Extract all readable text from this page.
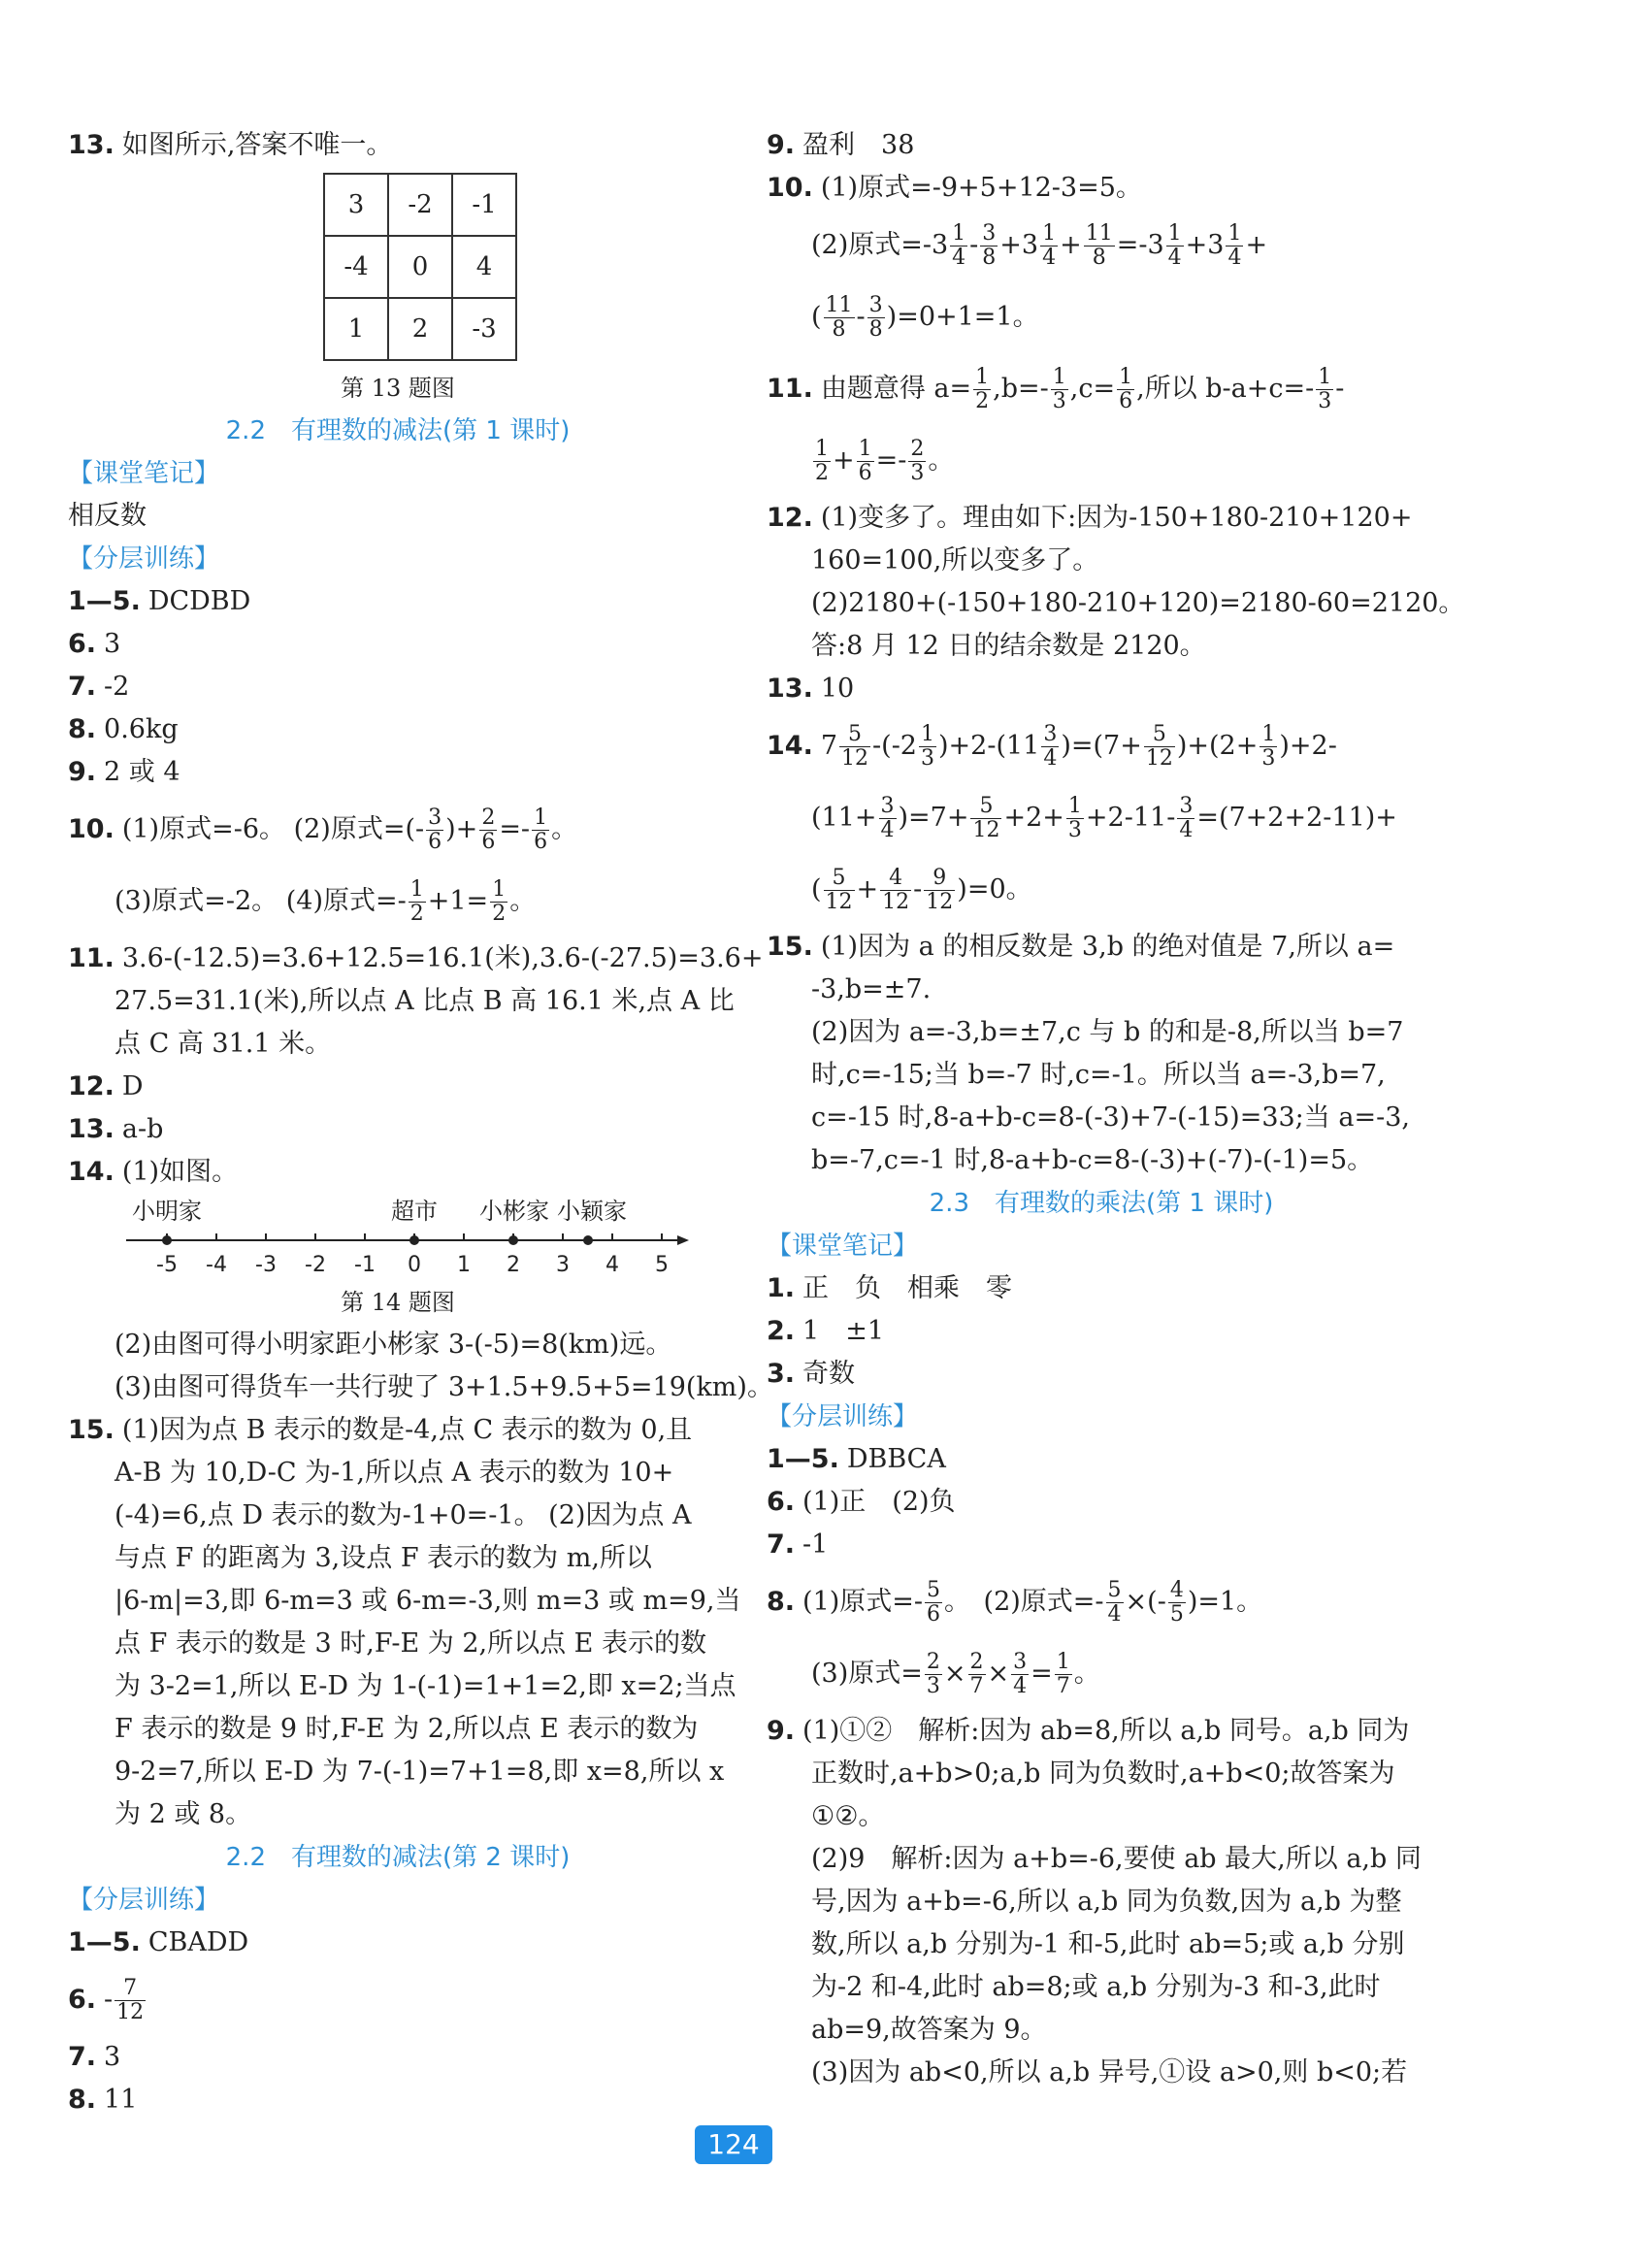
13. 如图所示,答案不唯一。
3	-2	-1
-4	0	4
1	2	-3
第 13 题图
2.2　有理数的减法(第 1 课时)
【课堂笔记】
相反数
【分层训练】
1—5. DCDBD
6. 3
7. -2
8. 0.6kg
9. 2 或 4
10. (1)原式=-6。 (2)原式=(- $\frac{3}{6}$ )+ $\frac{2}{6} =- \frac{1}{6}$ 。
(3)原式=-2。 (4)原式=- $\frac{1}{2} +1= \frac{1}{2}$ 。
11. 3.6-(-12.5)=3.6+12.5=16.1(米),3.6-(-27.5)=3.6+
27.5=31.1(米),所以点 A 比点 B 高 16.1 米,点 A 比
点 C 高 31.1 米。
12. D
13. a-b
14. (1)如图。
小明家	超市 小彬家 小颖家
-5 -4 -3 -2 -1 0 1 2 3 4 5
第 14 题图
(2)由图可得小明家距小彬家 3-(-5)=8(km)远。
(3)由图可得货车一共行驶了 3+1.5+9.5+5=19(km)。
15. (1)因为点 B 表示的数是-4,点 C 表示的数为 0,且
A-B 为 10,D-C 为-1,所以点 A 表示的数为 10+
(-4)=6,点 D 表示的数为-1+0=-1。 (2)因为点 A
与点 F 的距离为 3,设点 F 表示的数为 m,所以
|6-m|=3,即 6-m=3 或 6-m=-3,则 m=3 或 m=9,当
点 F 表示的数是 3 时,F-E 为 2,所以点 E 表示的数
为 3-2=1,所以 E-D 为 1-(-1)=1+1=2,即 x=2;当点
F 表示的数是 9 时,F-E 为 2,所以点 E 表示的数为
9-2=7,所以 E-D 为 7-(-1)=7+1=8,即 x=8,所以 x
为 2 或 8。
2.2　有理数的减法(第 2 课时)
【分层训练】
1—5. CBADD
6. - $\frac{7}{12}$
7. 3
8. 11
9. 盈利　38
10. (1)原式=-9+5+12-3=5。
(2)原式$=-3 \frac{1}{4} - \frac{3}{8} +3 \frac{1}{4} + \frac{11}{8} =-3 \frac{1}{4} +3 \frac{1}{4}$ +
( $\frac{11}{8} - \frac{3}{8} )=0+1=1$。
11. 由题意得 $a= \frac{1}{2} ,b=- \frac{1}{3} ,c= \frac{1}{6}$ ,所以 $b-a+c=- \frac{1}{3}$ -
$\frac{1}{2} + \frac{1}{6} =- \frac{2}{3}$ 。
12. (1)变多了。理由如下:因为-150+180-210+120+
160=100,所以变多了。
(2)2180+(-150+180-210+120)=2180-60=2120。
答:8 月 12 日的结余数是 2120。
13. 10
14. $7 \frac{5}{12} -(-2 \frac{1}{3} )+2-(11 \frac{3}{4} )=(7+ \frac{5}{12} )+(2+ \frac{1}{3} )+2-$
$(11+ \frac{3}{4} )=7+ \frac{5}{12} +2+ \frac{1}{3} +2-11- \frac{3}{4} =(7+2+2-11)+$
( $\frac{5}{12} + \frac{4}{12} - \frac{9}{12} )=0$。
15. (1)因为 a 的相反数是 3,b 的绝对值是 7,所以 a=
-3,b=±7.
(2)因为 a=-3,b=±7,c 与 b 的和是-8,所以当 b=7
时,c=-15;当 b=-7 时,c=-1。所以当 a=-3,b=7,
c=-15 时,8-a+b-c=8-(-3)+7-(-15)=33;当 a=-3,
b=-7,c=-1 时,8-a+b-c=8-(-3)+(-7)-(-1)=5。
2.3　有理数的乘法(第 1 课时)
【课堂笔记】
1. 正　负　相乘　零
2. 1　±1
3. 奇数
【分层训练】
1—5. DBBCA
6. (1)正　(2)负
7. -1
8. (1)原式=- $\frac{5}{6}$ 。　(2)原式=- $\frac{5}{4}$ ×(- $\frac{4}{5} )=1$。
(3)原式= $\frac{2}{3} \times \frac{2}{7} \times \frac{3}{4} = \frac{1}{7}$ 。
9. (1)①②　解析:因为 ab=8,所以 a,b 同号。a,b 同为
正数时,a+b>0;a,b 同为负数时,a+b<0;故答案为
①②。
(2)9　解析:因为 a+b=-6,要使 ab 最大,所以 a,b 同
号,因为 a+b=-6,所以 a,b 同为负数,因为 a,b 为整
数,所以 a,b 分别为-1 和-5,此时 ab=5;或 a,b 分别
为-2 和-4,此时 ab=8;或 a,b 分别为-3 和-3,此时
ab=9,故答案为 9。
(3)因为 ab<0,所以 a,b 异号,①设 a>0,则 b<0;若
124
